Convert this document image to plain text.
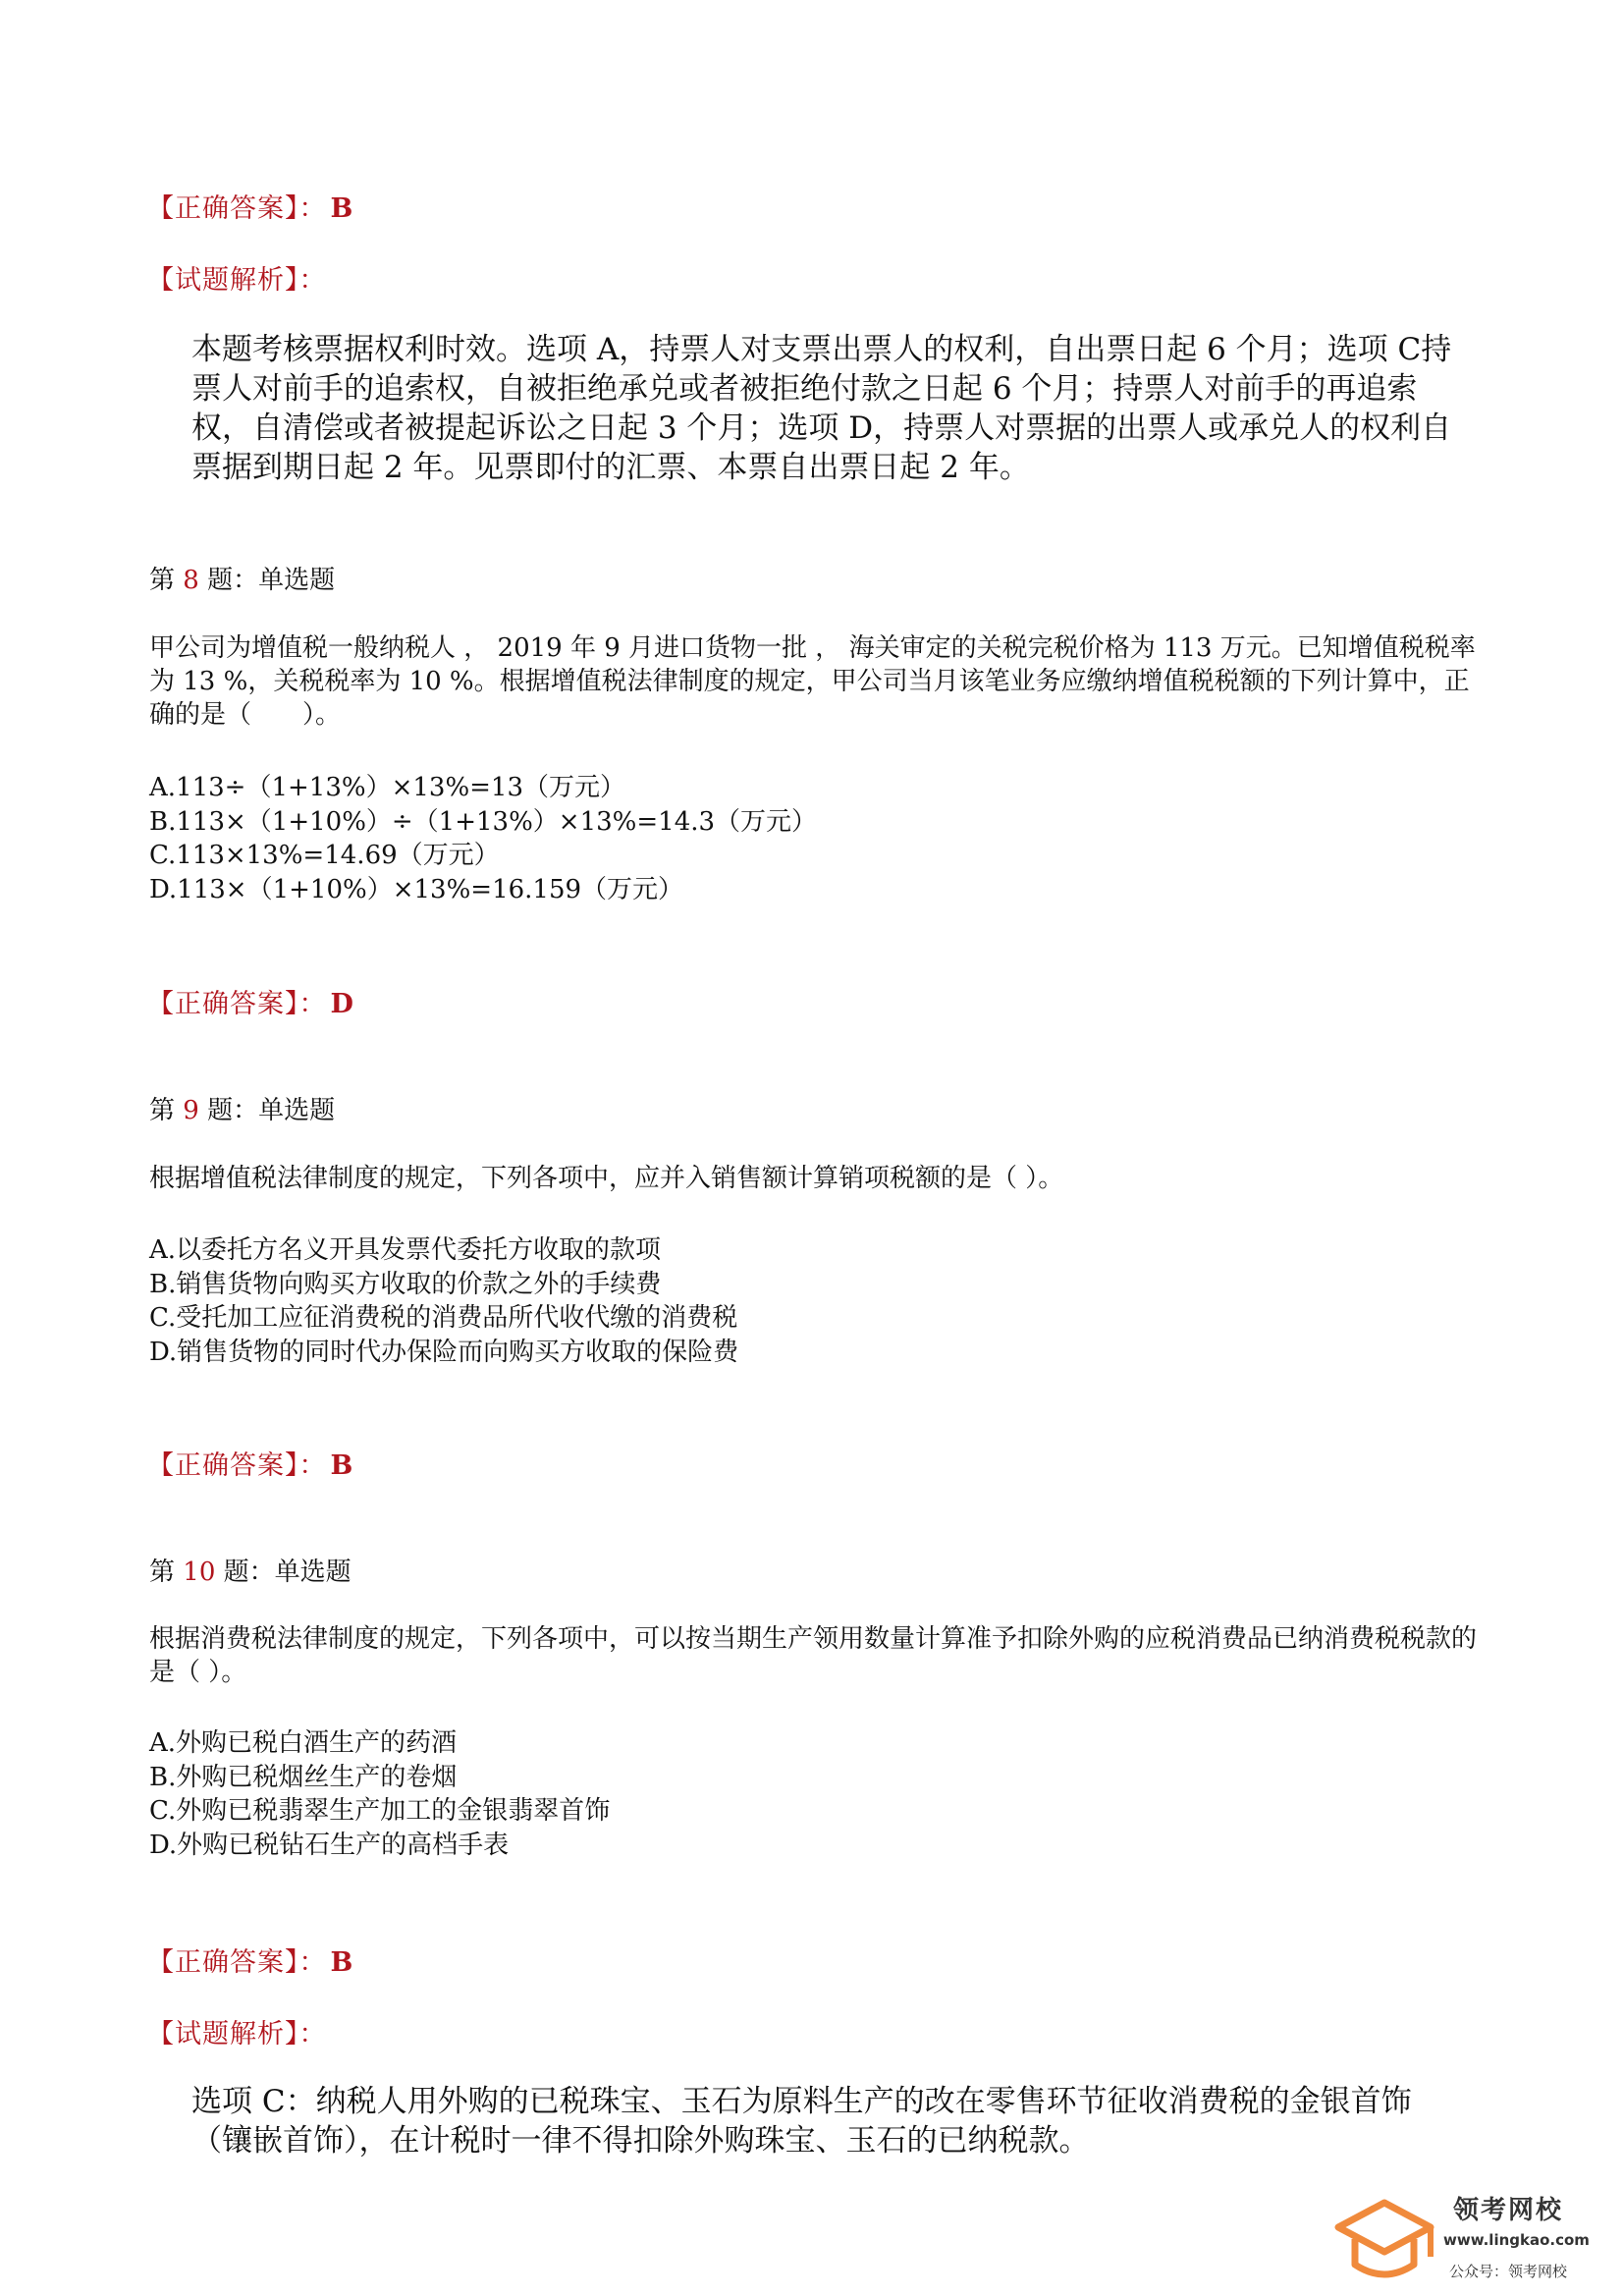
【正确答案】： B
【试题解析】：
本题考核票据权利时效。选项 A，持票人对支票出票人的权利，自出票日起 6 个月；选项 C持票人对前手的追索权，自被拒绝承兑或者被拒绝付款之日起 6 个月；持票人对前手的再追索权，自清偿或者被提起诉讼之日起 3 个月；选项 D，持票人对票据的出票人或承兑人的权利自票据到期日起 2 年。见票即付的汇票、本票自出票日起 2 年。
第 8 题：单选题
甲公司为增值税一般纳税人 ， 2019 年 9 月进口货物一批 ， 海关审定的关税完税价格为 113 万元。已知增值税税率为 13 %，关税税率为 10 %。根据增值税法律制度的规定，甲公司当月该笔业务应缴纳增值税税额的下列计算中，正确的是（　　）。
A.113÷（1+13%）×13%=13（万元）
B.113×（1+10%）÷（1+13%）×13%=14.3（万元）
C.113×13%=14.69（万元）
D.113×（1+10%）×13%=16.159（万元）
【正确答案】： D
第 9 题：单选题
根据增值税法律制度的规定，下列各项中，应并入销售额计算销项税额的是（ ）。
A.以委托方名义开具发票代委托方收取的款项
B.销售货物向购买方收取的价款之外的手续费
C.受托加工应征消费税的消费品所代收代缴的消费税
D.销售货物的同时代办保险而向购买方收取的保险费
【正确答案】： B
第 10 题：单选题
根据消费税法律制度的规定，下列各项中，可以按当期生产领用数量计算准予扣除外购的应税消费品已纳消费税税款的是（ ）。
A.外购已税白酒生产的药酒
B.外购已税烟丝生产的卷烟
C.外购已税翡翠生产加工的金银翡翠首饰
D.外购已税钻石生产的高档手表
【正确答案】： B
【试题解析】：
选项 C：纳税人用外购的已税珠宝、玉石为原料生产的改在零售环节征收消费税的金银首饰（镶嵌首饰），在计税时一律不得扣除外购珠宝、玉石的已纳税款。
领考网校
www.lingkao.com
公众号：领考网校
